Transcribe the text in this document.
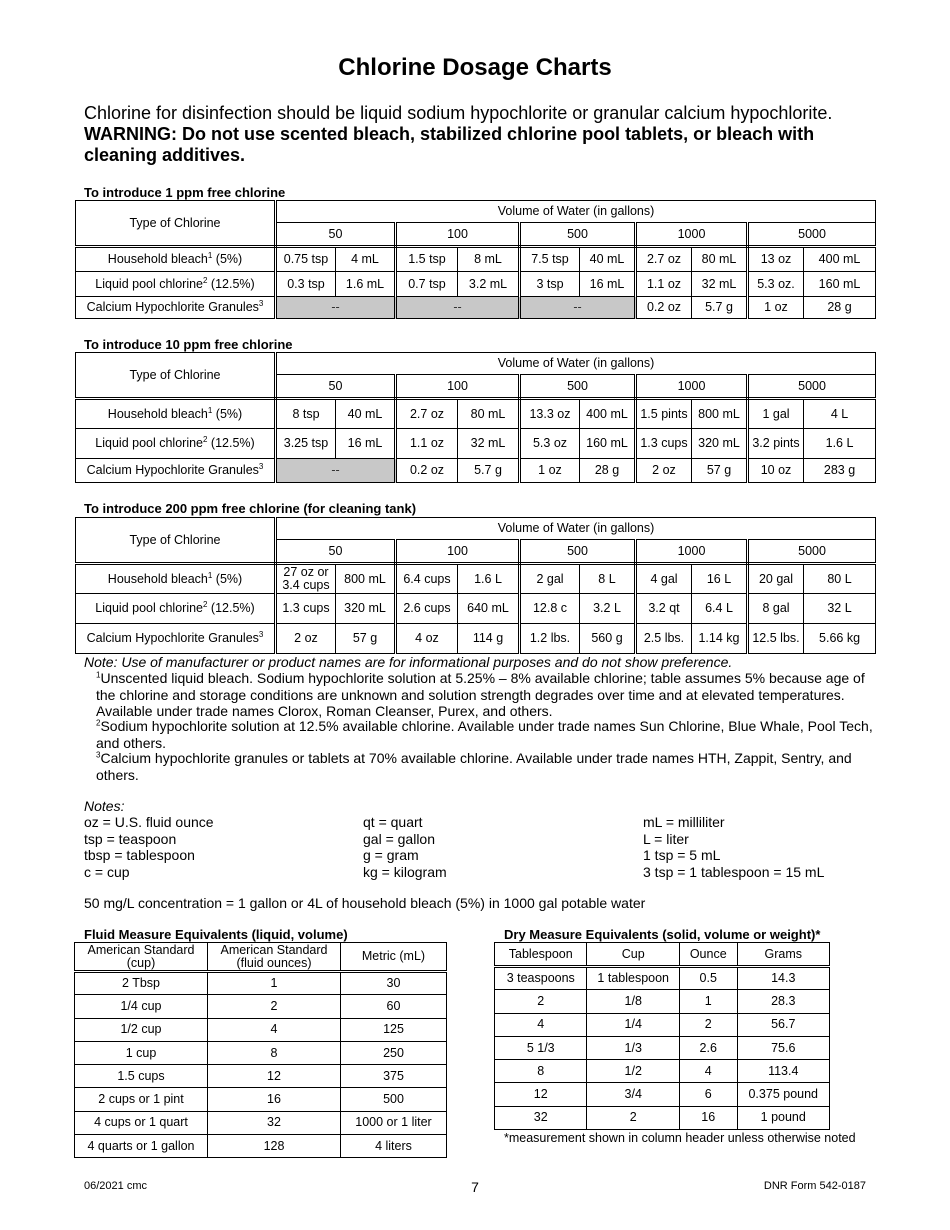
Chlorine Dosage Charts

Chlorine for disinfection should be liquid sodium hypochlorite or granular calcium hypochlorite.
WARNING: Do not use scented bleach, stabilized chlorine pool tablets, or bleach with cleaning additives.

To introduce 1 ppm free chlorine

Type of Chlorine	Volume of Water (in gallons)									
	50		100		500		1000		5000	
Household bleach$^1$ (5%)	0.75 tsp	4 mL	1.5 tsp	8 mL	7.5 tsp	40 mL	2.7 oz	80 mL	13 oz	400 mL
Liquid pool chlorine$^2$ (12.5%)	0.3 tsp	1.6 mL	0.7 tsp	3.2 mL	3 tsp	16 mL	1.1 oz	32 mL	5.3 oz.	160 mL
Calcium Hypochlorite Granules$^3$	--		--		--		0.2 oz	5.7 g	1 oz	28 g

To introduce 10 ppm free chlorine

Type of Chlorine	Volume of Water (in gallons)									
	50		100		500		1000		5000	
Household bleach$^1$ (5%)	8 tsp	40 mL	2.7 oz	80 mL	13.3 oz	400 mL	1.5 pints	800 mL	1 gal	4 L
Liquid pool chlorine$^2$ (12.5%)	3.25 tsp	16 mL	1.1 oz	32 mL	5.3 oz	160 mL	1.3 cups	320 mL	3.2 pints	1.6 L
Calcium Hypochlorite Granules$^3$	--		0.2 oz	5.7 g	1 oz	28 g	2 oz	57 g	10 oz	283 g

To introduce 200 ppm free chlorine (for cleaning tank)

Type of Chlorine	Volume of Water (in gallons)									
	50		100		500		1000		5000	
Household bleach$^1$ (5%)	27 oz or 3.4 cups	800 mL	6.4 cups	1.6 L	2 gal	8 L	4 gal	16 L	20 gal	80 L
Liquid pool chlorine$^2$ (12.5%)	1.3 cups	320 mL	2.6 cups	640 mL	12.8 c	3.2 L	3.2 qt	6.4 L	8 gal	32 L
Calcium Hypochlorite Granules$^3$	2 oz	57 g	4 oz	114 g	1.2 lbs.	560 g	2.5 lbs.	1.14 kg	12.5 lbs.	5.66 kg

Note: Use of manufacturer or product names are for informational purposes and do not show preference.

$^1$Unscented liquid bleach. Sodium hypochlorite solution at 5.25% – 8% available chlorine; table assumes 5% because age of the chlorine and storage conditions are unknown and solution strength degrades over time and at elevated temperatures. Available under trade names Clorox, Roman Cleanser, Purex, and others.

$^2$Sodium hypochlorite solution at 12.5% available chlorine. Available under trade names Sun Chlorine, Blue Whale, Pool Tech, and others.

$^3$Calcium hypochlorite granules or tablets at 70% available chlorine. Available under trade names HTH, Zappit, Sentry, and others.

Notes:

oz = U.S. fluid ounce
tsp = teaspoon
tbsp = tablespoon
c = cup
qt = quart
gal = gallon
g = gram
kg = kilogram
mL = milliliter
L = liter
1 tsp = 5 mL
3 tsp = 1 tablespoon = 15 mL

50 mg/L concentration = 1 gallon or 4L of household bleach (5%) in 1000 gal potable water

Fluid Measure Equivalents (liquid, volume)

American Standard (cup)	American Standard (fluid ounces)	Metric (mL)
2 Tbsp	1	30
1/4 cup	2	60
1/2 cup	4	125
1 cup	8	250
1.5 cups	12	375
2 cups or 1 pint	16	500
4 cups or 1 quart	32	1000 or 1 liter
4 quarts or 1 gallon	128	4 liters

Dry Measure Equivalents (solid, volume or weight)*

Tablespoon	Cup	Ounce	Grams
3 teaspoons	1 tablespoon	0.5	14.3
2	1/8	1	28.3
4	1/4	2	56.7
5 1/3	1/3	2.6	75.6
8	1/2	4	113.4
12	3/4	6	0.375 pound
32	2	16	1 pound

*measurement shown in column header unless otherwise noted

06/2021 cmc	7	DNR Form 542-0187
